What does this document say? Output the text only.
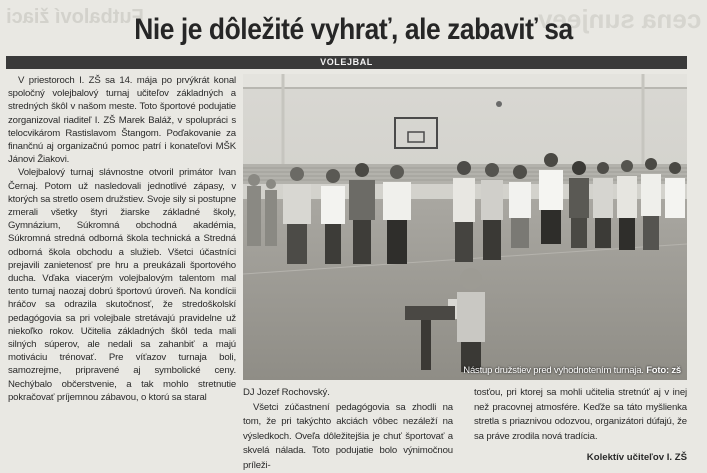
Futbaloví žiaci	cena sunjeev
Nie je dôležité vyhrať, ale zabaviť sa
VOLEJBAL

V priestoroch I. ZŠ sa 14. mája po prvýkrát konal spoločný volejbalový turnaj učiteľov základných a stredných škôl v našom meste. Toto športové podujatie zorganizoval riaditeľ I. ZŠ Marek Baláž, v spolupráci s telocvikárom Rastislavom Štangom. Poďakovanie za finančnú aj organizačnú pomoc patrí i konateľovi MŠK Jánovi Žiakovi.

Volejbalový turnaj slávnostne otvoril primátor Ivan Černaj. Potom už nasledovali jednotlivé zápasy, v ktorých sa stretlo osem družstiev. Svoje sily si postupne zmerali všetky štyri žiarske základné školy, Gymnázium, Súkromná obchodná akadémia, Súkromná stredná odborná škola technická a Stredná odborná škola obchodu a služieb. Všetci účastníci prejavili zanietenosť pre hru a preukázali športového ducha. Vďaka viacerým volejbalovým talentom mal tento turnaj naozaj dobrú športovú úroveň. Na kondícii hráčov sa odrazila skutočnosť, že stredoškolskí pedagógovia sa pri volejbale stretávajú pravidelne už niekoľko rokov. Učitelia základných škôl teda mali silných súperov, ale nedali sa zahanbiť a majú motiváciu trénovať. Pre víťazov turnaja boli, samozrejme, pripravené aj symbolické ceny. Nechýbalo občerstvenie, a tak mohlo stretnutie pokračovať príjemnou zábavou, o ktorú sa staral

Nástup družstiev pred vyhodnotením turnaja. Foto: zš

DJ Jozef Rochovský.

Všetci zúčastnení pedagógovia sa zhodli na tom, že pri takýchto akciách vôbec nezáleží na výsledkoch. Oveľa dôležitejšia je chuť športovať a skvelá nálada. Toto podujatie bolo výnimočnou príleži-

tosťou, pri ktorej sa mohli učitelia stretnúť aj v inej než pracovnej atmosfére. Keďže sa táto myšlienka stretla s priaznivou odozvou, organizátori dúfajú, že sa práve zrodila nová tradícia.

Kolektív učiteľov I. ZŠ
